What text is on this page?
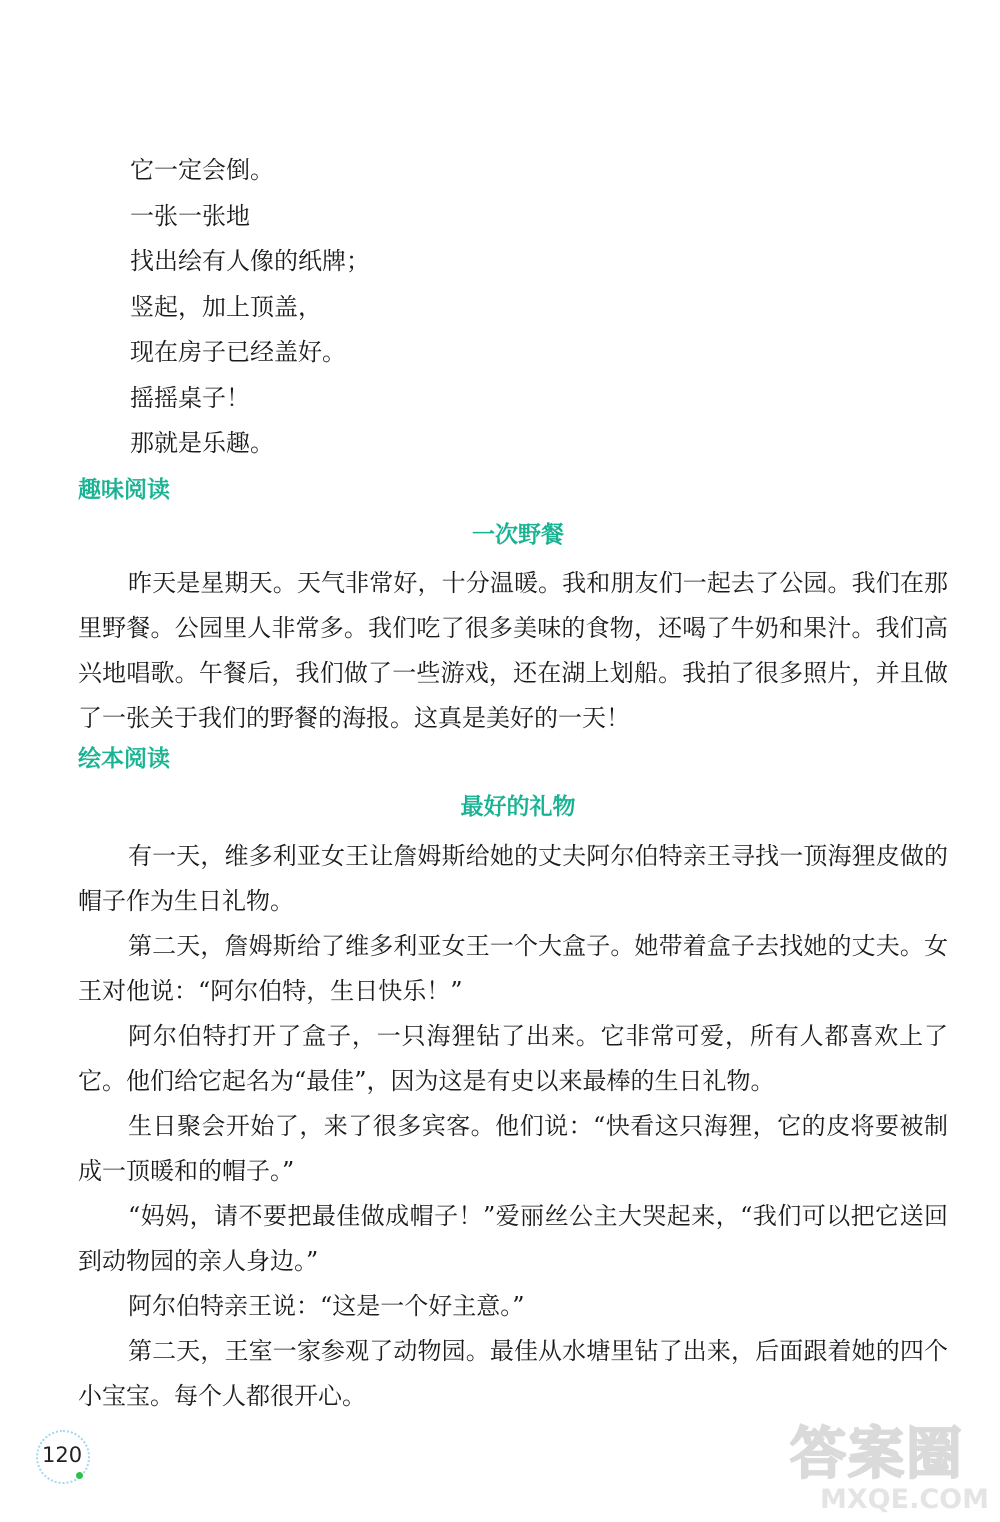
它一定会倒。
一张一张地
找出绘有人像的纸牌；
竖起，加上顶盖，
现在房子已经盖好。
摇摇桌子！
那就是乐趣。
趣味阅读
一次野餐

昨天是星期天。天气非常好，十分温暖。我和朋友们一起去了公园。我们在那里野餐。公园里人非常多。我们吃了很多美味的食物，还喝了牛奶和果汁。我们高兴地唱歌。午餐后，我们做了一些游戏，还在湖上划船。我拍了很多照片，并且做了一张关于我们的野餐的海报。这真是美好的一天！

绘本阅读
最好的礼物

有一天，维多利亚女王让詹姆斯给她的丈夫阿尔伯特亲王寻找一顶海狸皮做的帽子作为生日礼物。

第二天，詹姆斯给了维多利亚女王一个大盒子。她带着盒子去找她的丈夫。女王对他说：“阿尔伯特，生日快乐！”

阿尔伯特打开了盒子，一只海狸钻了出来。它非常可爱，所有人都喜欢上了它。他们给它起名为“最佳”，因为这是有史以来最棒的生日礼物。

生日聚会开始了，来了很多宾客。他们说：“快看这只海狸，它的皮将要被制成一顶暖和的帽子。”

“妈妈，请不要把最佳做成帽子！”爱丽丝公主大哭起来，“我们可以把它送回到动物园的亲人身边。”

阿尔伯特亲王说：“这是一个好主意。”

第二天，王室一家参观了动物园。最佳从水塘里钻了出来，后面跟着她的四个小宝宝。每个人都很开心。

120	答案圈
MXQE.COM
